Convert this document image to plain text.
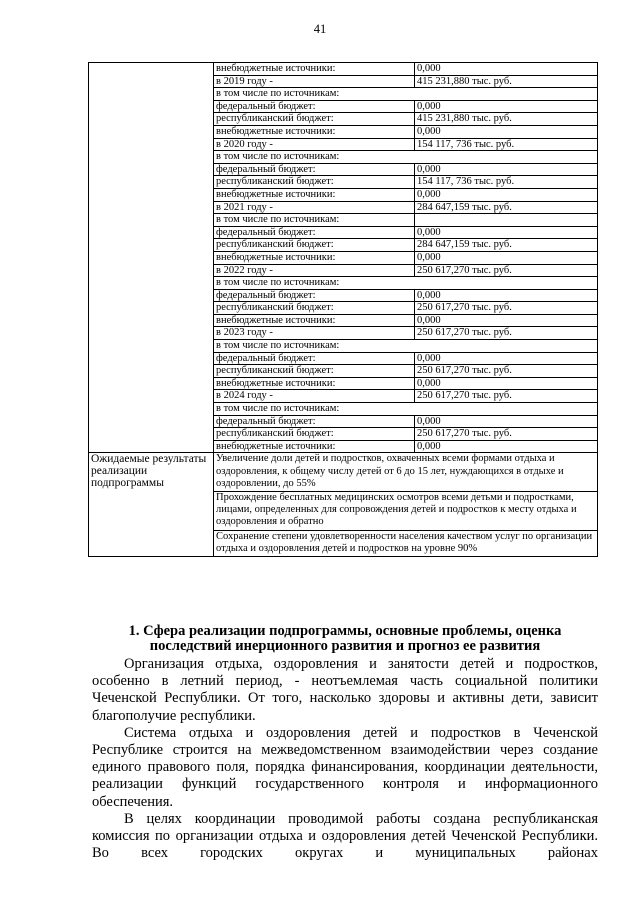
41
	внебюджетные источники:	0,000
	в 2019 году -	415 231,880 тыс. руб.
	в том числе по источникам:	
	федеральный бюджет:	0,000
	республиканский бюджет:	415 231,880 тыс. руб.
	внебюджетные источники:	0,000
	в 2020 году -	154 117, 736 тыс. руб.
	в том числе по источникам:	
	федеральный бюджет:	0,000
	республиканский бюджет:	154 117, 736 тыс. руб.
	внебюджетные источники:	0,000
	в 2021 году -	284 647,159 тыс. руб.
	в том числе по источникам:	
	федеральный бюджет:	0,000
	республиканский бюджет:	284 647,159 тыс. руб.
	внебюджетные источники:	0,000
	в 2022 году -	250 617,270 тыс. руб.
	в том числе по источникам:	
	федеральный бюджет:	0,000
	республиканский бюджет:	250 617,270 тыс. руб.
	внебюджетные источники:	0,000
	в 2023 году -	250 617,270 тыс. руб.
	в том числе по источникам:	
	федеральный бюджет:	0,000
	республиканский бюджет:	250 617,270 тыс. руб.
	внебюджетные источники:	0,000
	в 2024 году -	250 617,270 тыс. руб.
	в том числе по источникам:	
	федеральный бюджет:	0,000
	республиканский бюджет:	250 617,270 тыс. руб.
	внебюджетные источники:	0,000
Ожидаемые результаты реализации подпрограммы	Увеличение доли детей и подростков, охваченных всеми формами отдыха и оздоровления, к общему числу детей от 6 до 15 лет, нуждающихся в отдыхе и оздоровлении, до 55%	
	Прохождение бесплатных медицинских осмотров всеми детьми и подростками, лицами, определенных для сопровождения детей и подростков к месту отдыха и оздоровления и обратно	
	Сохранение степени удовлетворенности населения качеством услуг по организации отдыха и оздоровления детей и подростков на уровне 90%	
1. Сфера реализации подпрограммы, основные проблемы, оценка последствий инерционного развития и прогноз ее развития

Организация отдыха, оздоровления и занятости детей и подростков, особенно в летний период, - неотъемлемая часть социальной политики Чеченской Республики. От того, насколько здоровы и активны дети, зависит благополучие республики.

Система отдыха и оздоровления детей и подростков в Чеченской Республике строится на межведомственном взаимодействии через создание единого правового поля, порядка финансирования, координации деятельности, реализации функций государственного контроля и информационного обеспечения.

В целях координации проводимой работы создана республиканская комиссия по организации отдыха и оздоровления детей Чеченской Республики. Во всех городских округах и муниципальных районах
